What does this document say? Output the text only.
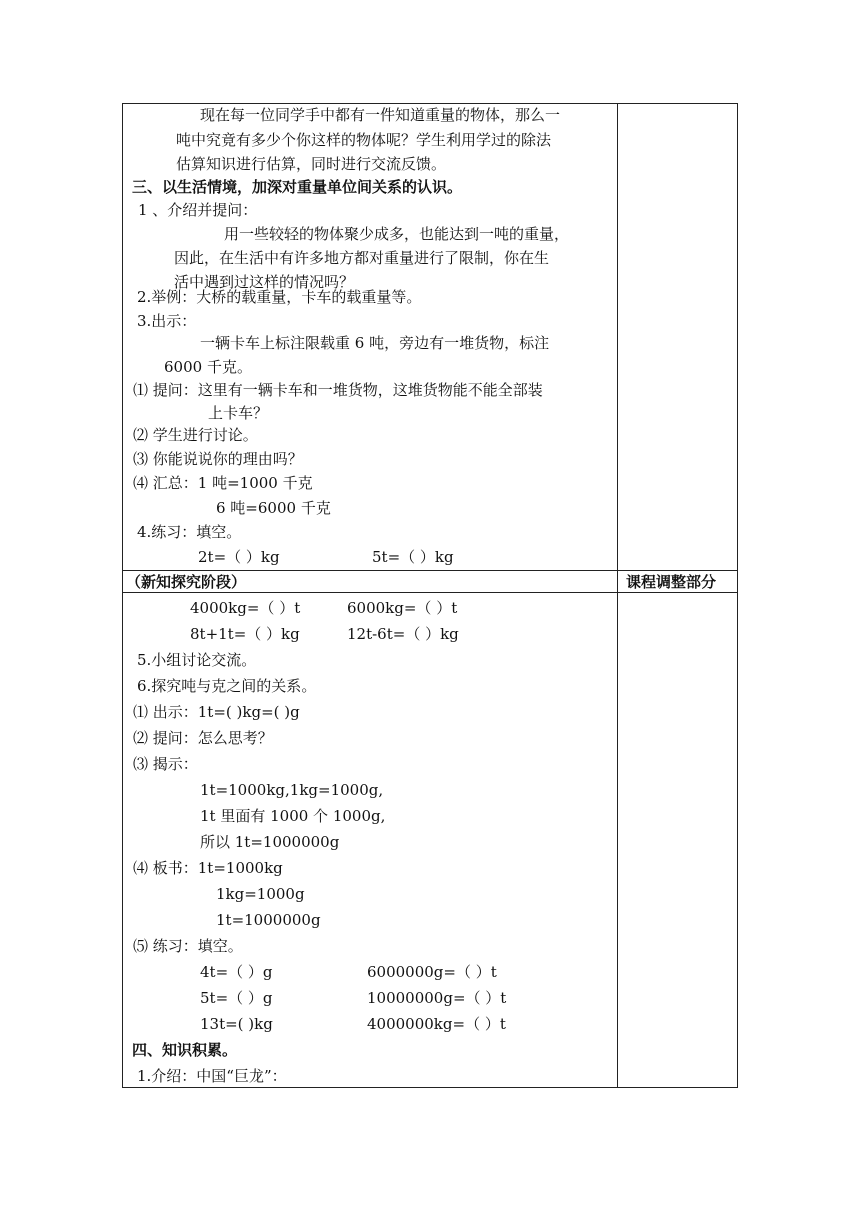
现在每一位同学手中都有一件知道重量的物体，那么一
吨中究竟有多少个你这样的物体呢？学生利用学过的除法
估算知识进行估算，同时进行交流反馈。
三、以生活情境，加深对重量单位间关系的认识。
1 、介绍并提问：
用一些较轻的物体聚少成多，也能达到一吨的重量，
因此，在生活中有许多地方都对重量进行了限制，你在生
活中遇到过这样的情况吗？
2.举例：大桥的载重量，卡车的载重量等。
3.出示：
一辆卡车上标注限载重 6 吨，旁边有一堆货物，标注
6000 千克。
⑴ 提问：这里有一辆卡车和一堆货物，这堆货物能不能全部装
上卡车？
⑵ 学生进行讨论。
⑶ 你能说说你的理由吗？
⑷ 汇总：1 吨=1000 千克
6 吨=6000 千克
4.练习：填空。
2t=（ ）kg	5t=（ ）kg
（新知探究阶段）	课程调整部分
4000kg=（ ）t	6000kg=（ ）t
8t+1t=（ ）kg	12t-6t=（ ）kg
5.小组讨论交流。
6.探究吨与克之间的关系。
⑴ 出示：1t=( )kg=( )g
⑵ 提问：怎么思考？
⑶ 揭示：
1t=1000kg,1kg=1000g,
1t 里面有 1000 个 1000g,
所以 1t=1000000g
⑷ 板书：1t=1000kg
1kg=1000g
1t=1000000g
⑸ 练习：填空。
4t=（ ）g	6000000g=（ ）t
5t=（ ）g	10000000g=（ ）t
13t=( )kg	4000000kg=（ ）t
四、知识积累。
1.介绍：中国“巨龙”：
